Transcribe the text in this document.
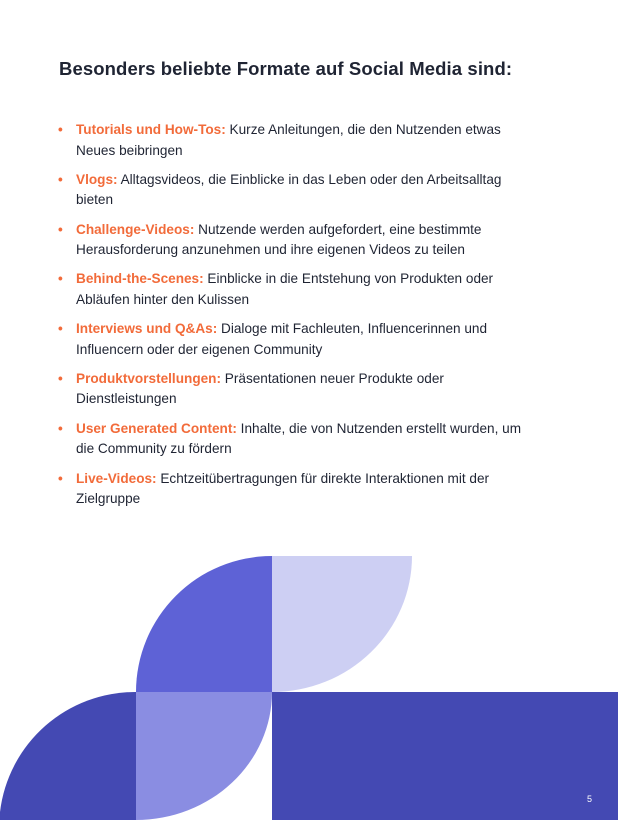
Besonders beliebte Formate auf Social Media sind:
• Tutorials und How-Tos: Kurze Anleitungen, die den Nutzenden etwas Neues beibringen
• Vlogs: Alltagsvideos, die Einblicke in das Leben oder den Arbeitsalltag bieten
• Challenge-Videos: Nutzende werden aufgefordert, eine bestimmte Herausforderung anzunehmen und ihre eigenen Videos zu teilen
• Behind-the-Scenes: Einblicke in die Entstehung von Produkten oder Abläufen hinter den Kulissen
• Interviews und Q&As: Dialoge mit Fachleuten, Influencerinnen und Influencern oder der eigenen Community
• Produktvorstellungen: Präsentationen neuer Produkte oder Dienstleistungen
• User Generated Content: Inhalte, die von Nutzenden erstellt wurden, um die Community zu fördern
• Live-Videos: Echtzeitübertragungen für direkte Interaktionen mit der Zielgruppe
5
